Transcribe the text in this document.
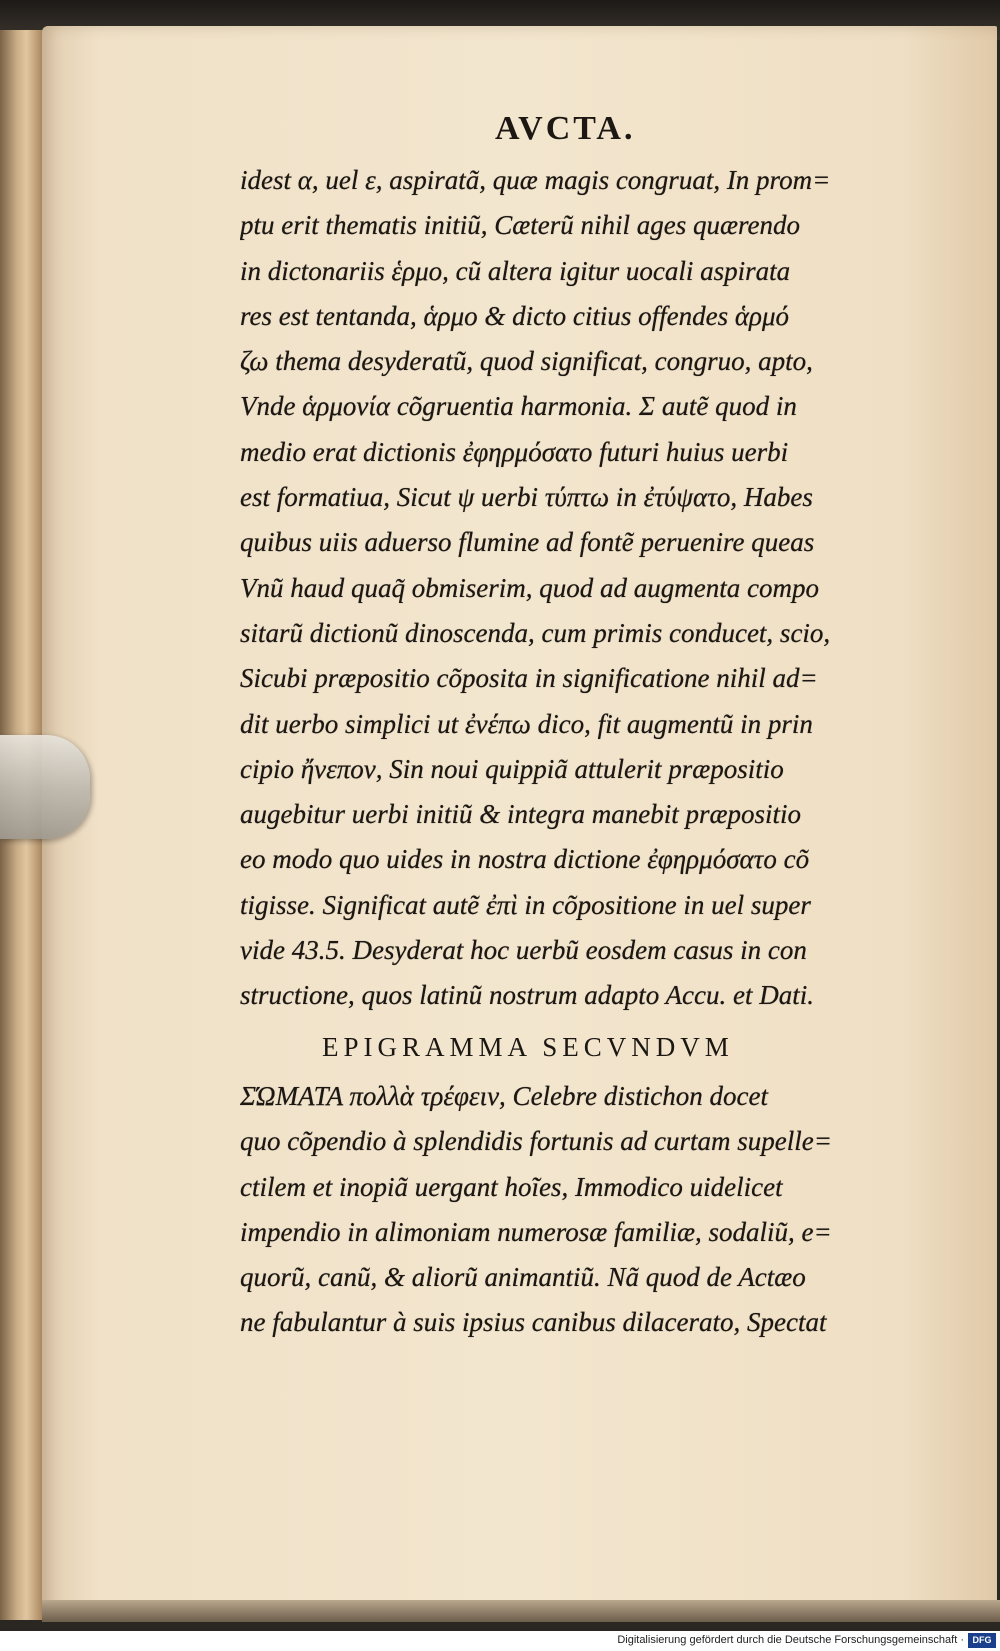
AVCTA.
idest α, uel ε, aspiratã, quæ magis congruat, In prom=
ptu erit thematis initiũ, Cæterũ nihil ages quærendo
in dictonariis ἑρμο, cũ altera igitur uocali aspirata
res est tentanda, ἁρμο & dicto citius offendes ἁρμό
ζω thema desyderatũ, quod significat, congruo, apto,
Vnde ἁρμονία cõgruentia harmonia. Σ autẽ quod in
medio erat dictionis ἐφηρμόσατο futuri huius uerbi
est formatiua, Sicut ψ uerbi τύπτω in ἐτύψατο, Habes
quibus uiis aduerso flumine ad fontẽ peruenire queas
Vnũ haud quaq̃ obmiserim, quod ad augmenta compo
sitarũ dictionũ dinoscenda, cum primis conducet, scio,
Sicubi præpositio cõposita in significatione nihil ad=
dit uerbo simplici ut ἐνέπω dico, fit augmentũ in prin
cipio ἤνεπον, Sin noui quippiã attulerit præpositio
augebitur uerbi initiũ & integra manebit præpositio
eo modo quo uides in nostra dictione ἐφηρμόσατο cõ
tigisse. Significat autẽ ἐπὶ in cõpositione in uel super
vide 43.5. Desyderat hoc uerbũ eosdem casus in con
structione, quos latinũ nostrum adapto Accu. et Dati.
EPIGRAMMA SECVNDVM
ΣΏΜΑΤΑ πολλὰ τρέφειν, Celebre distichon docet
quo cõpendio à splendidis fortunis ad curtam supelle=
ctilem et inopiã uergant hoĩes, Immodico uidelicet
impendio in alimoniam numerosæ familiæ, sodaliũ, e=
quorũ, canũ, & aliorũ animantiũ. Nã quod de Actæo
ne fabulantur à suis ipsius canibus dilacerato, Spectat
Digitalisierung gefördert durch die Deutsche Forschungsgemeinschaft · DFG
